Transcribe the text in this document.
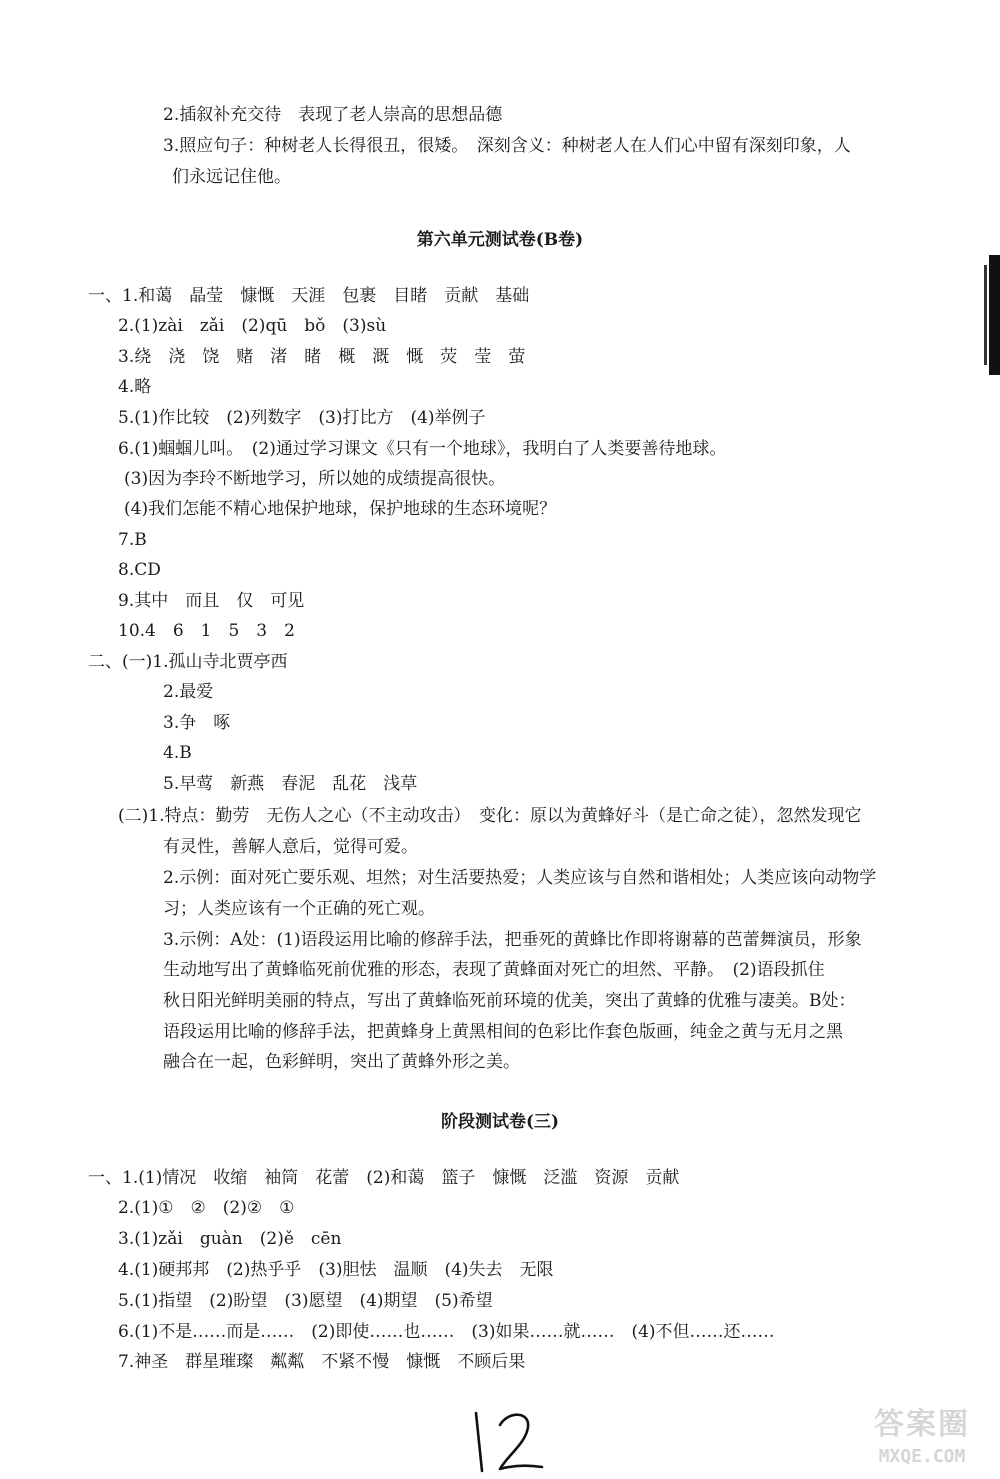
2.插叙补充交待　表现了老人崇高的思想品德
3.照应句子：种树老人长得很丑，很矮。　深刻含义：种树老人在人们心中留有深刻印象，人
们永远记住他。
第六单元测试卷(B卷)
一、1.和蔼　晶莹　慷慨　天涯　包裹　目睹　贡献　基础
2.(1)zài　zǎi　(2)qū　bǒ　(3)sù
3.绕　浇　饶　赌　渚　睹　概　溉　慨　荧　莹　萤
4.略
5.(1)作比较　(2)列数字　(3)打比方　(4)举例子
6.(1)蝈蝈儿叫。　(2)通过学习课文《只有一个地球》，我明白了人类要善待地球。
(3)因为李玲不断地学习，所以她的成绩提高很快。
(4)我们怎能不精心地保护地球，保护地球的生态环境呢？
7.B
8.CD
9.其中　而且　仅　可见
10.4　6　1　5　3　2
二、(一)1.孤山寺北贾亭西
2.最爱
3.争　啄
4.B
5.早莺　新燕　春泥　乱花　浅草
(二)1.特点：勤劳　无伤人之心（不主动攻击）　变化：原以为黄蜂好斗（是亡命之徒），忽然发现它
有灵性，善解人意后，觉得可爱。
2.示例：面对死亡要乐观、坦然；对生活要热爱；人类应该与自然和谐相处；人类应该向动物学
习；人类应该有一个正确的死亡观。
3.示例：A处：(1)语段运用比喻的修辞手法，把垂死的黄蜂比作即将谢幕的芭蕾舞演员，形象
生动地写出了黄蜂临死前优雅的形态，表现了黄蜂面对死亡的坦然、平静。　(2)语段抓住
秋日阳光鲜明美丽的特点，写出了黄蜂临死前环境的优美，突出了黄蜂的优雅与凄美。B处：
语段运用比喻的修辞手法，把黄蜂身上黄黑相间的色彩比作套色版画，纯金之黄与无月之黑
融合在一起，色彩鲜明，突出了黄蜂外形之美。
阶段测试卷(三)
一、1.(1)情况　收缩　袖筒　花蕾　(2)和蔼　篮子　慷慨　泛滥　资源　贡献
2.(1)①　②　(2)②　①
3.(1)zǎi　guàn　(2)ě　cēn
4.(1)硬邦邦　(2)热乎乎　(3)胆怯　温顺　(4)失去　无限
5.(1)指望　(2)盼望　(3)愿望　(4)期望　(5)希望
6.(1)不是……而是……　(2)即使……也……　(3)如果……就……　(4)不但……还……
7.神圣　群星璀璨　粼粼　不紧不慢　慷慨　不顾后果
答案圈
MXQE.COM
